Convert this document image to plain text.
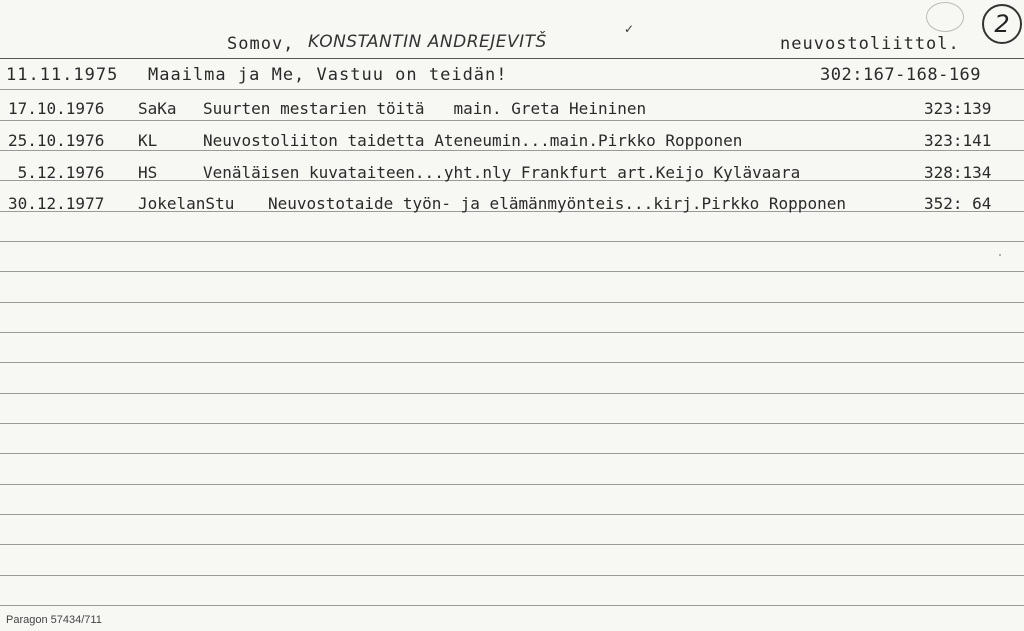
Somov, KONSTANTIN ANDREJEVITŠ
✓
neuvostoliittol.
2
11.11.1975 Maailma ja Me, Vastuu on teidän!	302:167-168-169
17.10.1976 SaKa Suurten mestarien töitä   main. Greta Heininen	323:139
25.10.1976 KL	Neuvostoliiton taidetta Ateneumin...main.Pirkko Ropponen	323:141
5.12.1976 HS	Venäläisen kuvataiteen...yht.nly Frankfurt art.Keijo Kylävaara	328:134
30.12.1977 JokelanStu Neuvostotaide työn- ja elämänmyönteis...kirj.Pirkko Ropponen	352: 64
Paragon 57434/711
